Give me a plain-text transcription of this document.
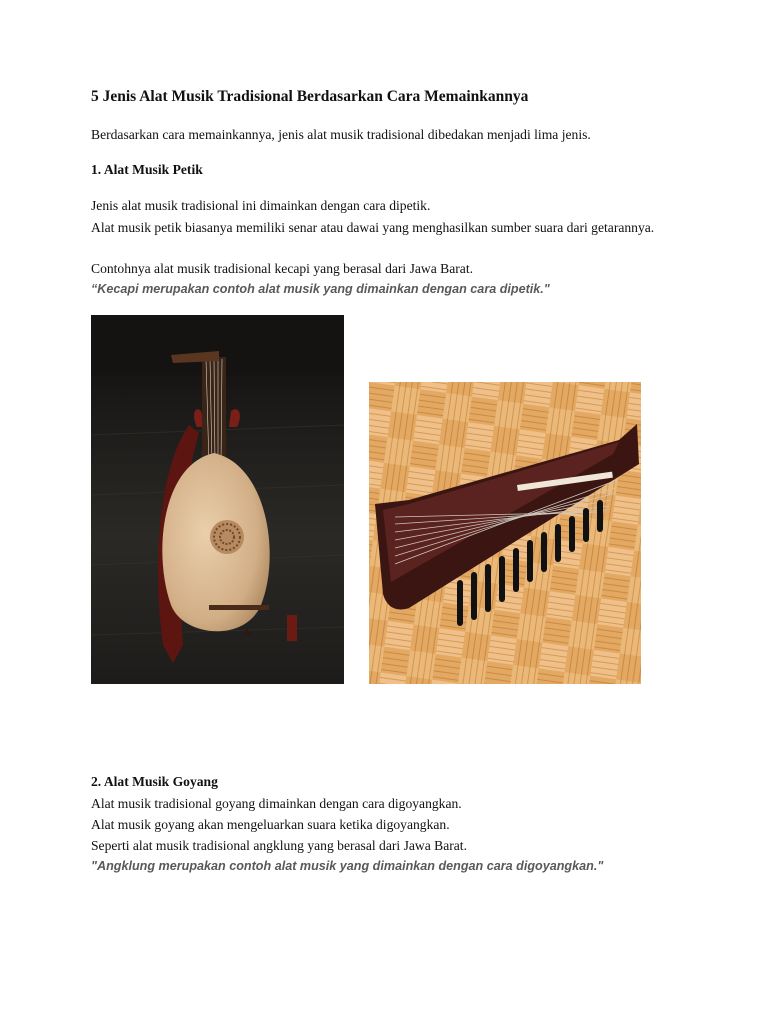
5 Jenis Alat Musik Tradisional Berdasarkan Cara Memainkannya

Berdasarkan cara memainkannya, jenis alat musik tradisional dibedakan menjadi lima jenis.

1. Alat Musik Petik

Jenis alat musik tradisional ini dimainkan dengan cara dipetik.

Alat musik petik biasanya memiliki senar atau dawai yang menghasilkan sumber suara dari getarannya.

Contohnya alat musik tradisional kecapi yang berasal dari Jawa Barat.

“Kecapi merupakan contoh alat musik yang dimainkan dengan cara dipetik."

2. Alat Musik Goyang

Alat musik tradisional goyang dimainkan dengan cara digoyangkan.

Alat musik goyang akan mengeluarkan suara ketika digoyangkan.

Seperti alat musik tradisional angklung yang berasal dari Jawa Barat.

"Angklung merupakan contoh alat musik yang dimainkan dengan cara digoyangkan."
